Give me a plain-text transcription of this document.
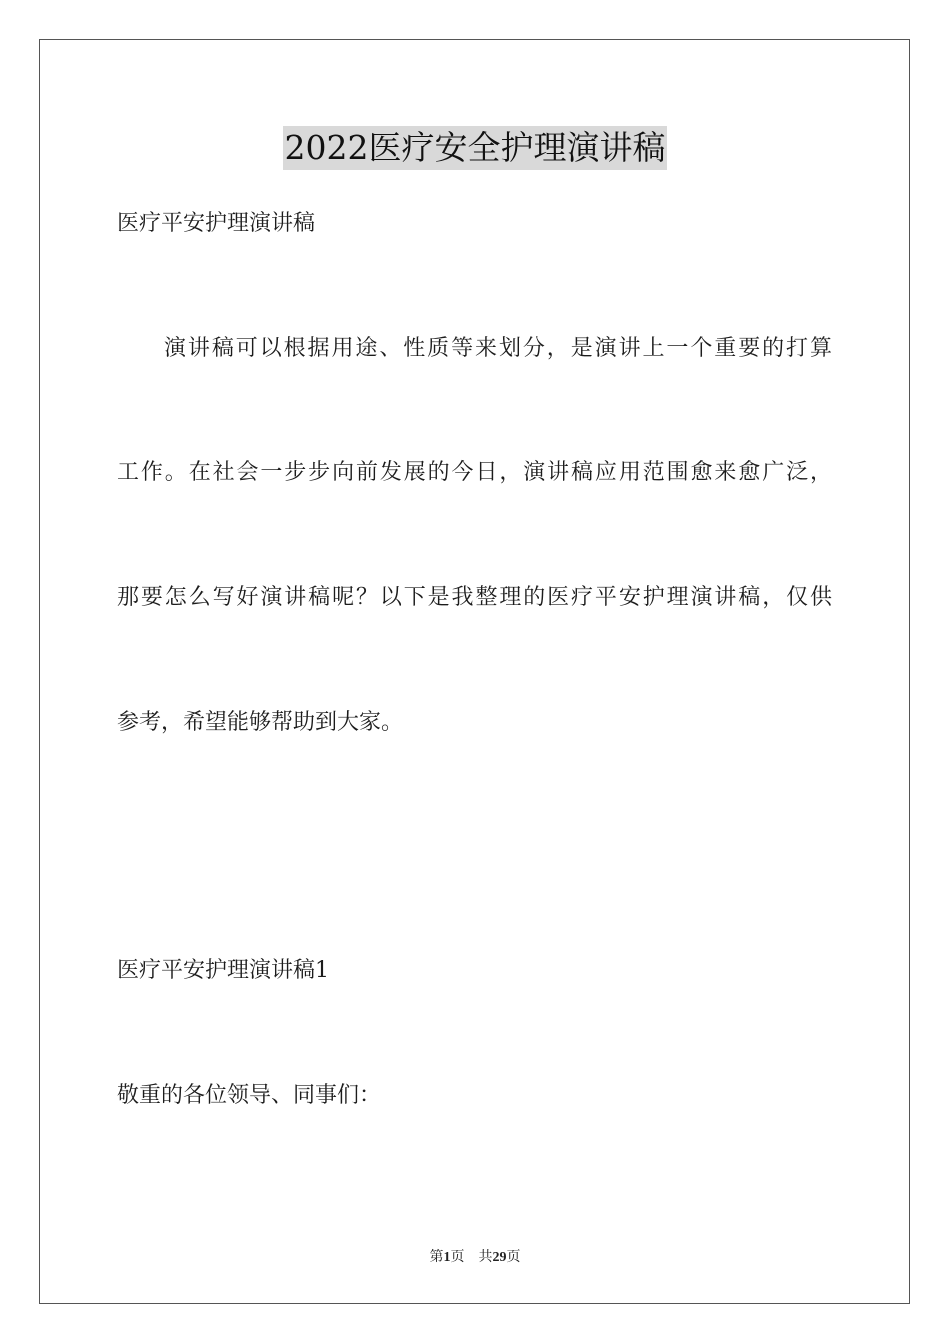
2022医疗安全护理演讲稿
医疗平安护理演讲稿
演讲稿可以根据用途、性质等来划分，是演讲上一个重要的打算
工作。在社会一步步向前发展的今日，演讲稿应用范围愈来愈广泛，
那要怎么写好演讲稿呢？以下是我整理的医疗平安护理演讲稿，仅供
参考，希望能够帮助到大家。
医疗平安护理演讲稿1
敬重的各位领导、同事们：
第1页 共29页
